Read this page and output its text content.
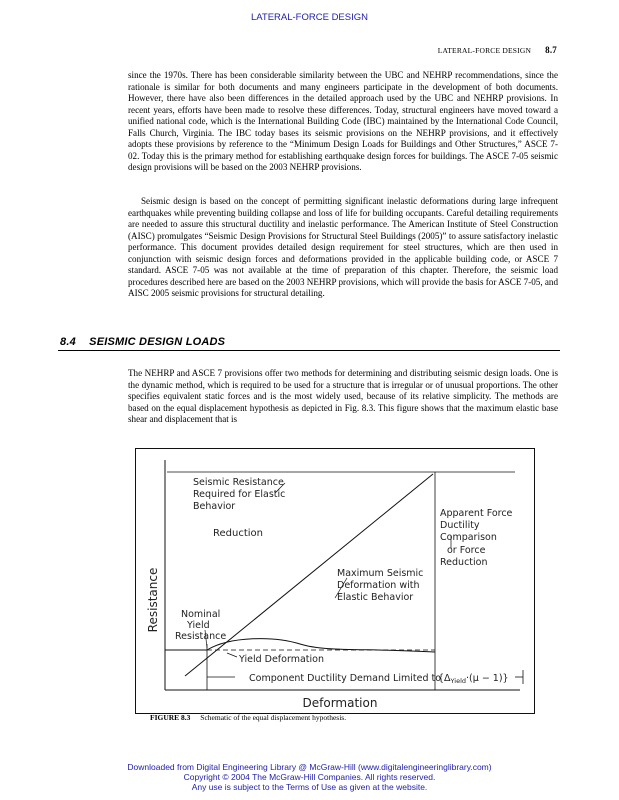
LATERAL-FORCE DESIGN
LATERAL-FORCE DESIGN 8.7

since the 1970s. There has been considerable similarity between the UBC and NEHRP recommendations, since the rationale is similar for both documents and many engineers participate in the development of both documents. However, there have also been differences in the detailed approach used by the UBC and NEHRP provisions. In recent years, efforts have been made to resolve these differences. Today, structural engineers have moved toward a unified national code, which is the International Building Code (IBC) maintained by the International Code Council, Falls Church, Virginia. The IBC today bases its seismic provisions on the NEHRP provisions, and it effectively adopts these provisions by reference to the “Minimum Design Loads for Buildings and Other Structures,” ASCE 7-02. Today this is the primary method for establishing earthquake design forces for buildings. The ASCE 7-05 seismic design provisions will be based on the 2003 NEHRP provisions.

Seismic design is based on the concept of permitting significant inelastic deformations during large infrequent earthquakes while preventing building collapse and loss of life for building occupants. Careful detailing requirements are needed to assure this structural ductility and inelastic performance. The American Institute of Steel Construction (AISC) promulgates “Seismic Design Provisions for Structural Steel Buildings (2005)” to assure satisfactory inelastic performance. This document provides detailed design requirement for steel structures, which are then used in conjunction with seismic design forces and deformations provided in the applicable building code, or ASCE 7 standard. ASCE 7-05 was not available at the time of preparation of this chapter. Therefore, the seismic load procedures described here are based on the 2003 NEHRP provisions, which will provide the basis for ASCE 7-05, and AISC 2005 seismic provisions for structural detailing.

8.4 SEISMIC DESIGN LOADS

The NEHRP and ASCE 7 provisions offer two methods for determining and distributing seismic design loads. One is the dynamic method, which is required to be used for a structure that is irregular or of unusual proportions. The other specifies equivalent static forces and is the most widely used, because of its relative simplicity. The methods are based on the equal displacement hypothesis as depicted in Fig. 8.3. This figure shows that the maximum elastic base shear and displacement that is

Seismic Resistance Required for Elastic Behavior
Reduction
Apparent Force Ductility Comparison
or Force Reduction
Maximum Seismic Deformation with Elastic Behavior
Nominal Yield Resistance
Yield Deformation
Component Ductility Demand Limited to
$\{\Delta_{Yield}\cdot(\mu - 1)\}$
Resistance
Deformation
FIGURE 8.3 Schematic of the equal displacement hypothesis.
Downloaded from Digital Engineering Library @ McGraw-Hill (www.digitalengineeringlibrary.com)
Copyright © 2004 The McGraw-Hill Companies. All rights reserved.
Any use is subject to the Terms of Use as given at the website.
